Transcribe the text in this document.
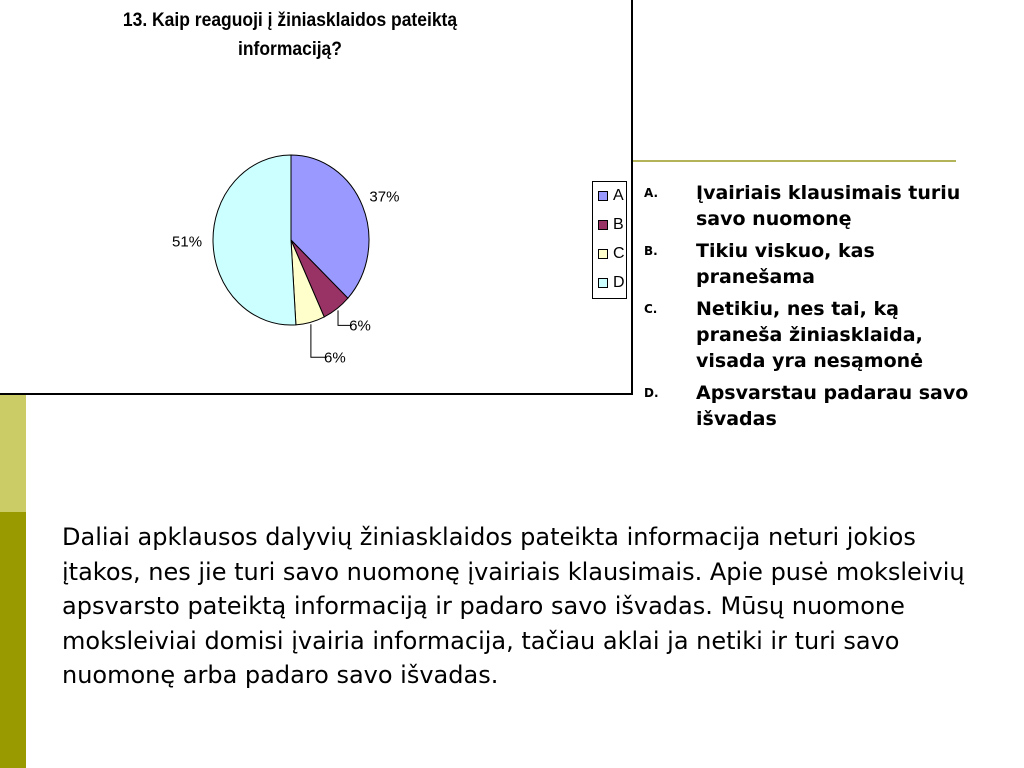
13. Kaip reaguoji į žiniasklaidos pateiktą
informaciją?
37%
6%
6%
51%
A
B
C
D
A. Įvairiais klausimais turiu savo nuomonę
B. Tikiu viskuo, kas pranešama
C. Netikiu, nes tai, ką praneša žiniasklaida, visada yra nesąmonė
D. Apsvarstau padarau savo išvadas

Daliai apklausos dalyvių žiniasklaidos pateikta informacija neturi jokios įtakos, nes jie turi savo nuomonę įvairiais klausimais. Apie pusė moksleivių apsvarsto pateiktą informaciją ir padaro savo išvadas. Mūsų nuomone moksleiviai domisi įvairia informacija, tačiau aklai ja netiki ir turi savo nuomonę arba padaro savo išvadas.
